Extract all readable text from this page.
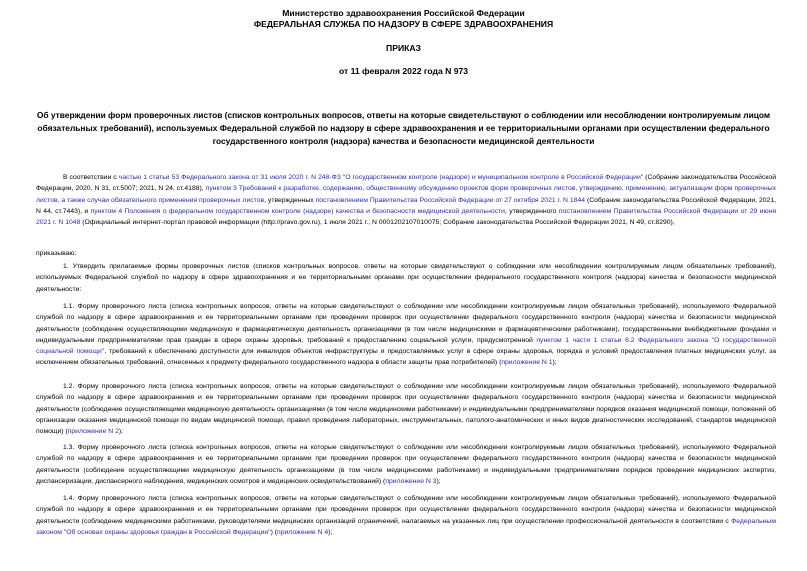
Министерство здравоохранения Российской Федерации
ФЕДЕРАЛЬНАЯ СЛУЖБА ПО НАДЗОРУ В СФЕРЕ ЗДРАВООХРАНЕНИЯ
ПРИКАЗ
от 11 февраля 2022 года N 973
Об утверждении форм проверочных листов (списков контрольных вопросов, ответы на которые свидетельствуют о соблюдении или несоблюдении контролируемым лицом обязательных требований), используемых Федеральной службой по надзору в сфере здравоохранения и ее территориальными органами при осуществлении федерального государственного контроля (надзора) качества и безопасности медицинской деятельности

В соответствии с частью 1 статьи 53 Федерального закона от 31 июля 2020 г. N 248-ФЗ "О государственном контроле (надзоре) и муниципальном контроле в Российской Федерации" (Собрание законодательства Российской Федерации, 2020, N 31, ст.5007; 2021, N 24, ст.4188), пунктом 3 Требований к разработке, содержанию, общественному обсуждению проектов форм проверочных листов, утверждению, применению, актуализации форм проверочных листов, а также случаи обязательного применения проверочных листов, утвержденных постановлением Правительства Российской Федерации от 27 октября 2021 г. N 1844 (Собрание законодательства Российской Федерации, 2021, N 44, ст.7443), и пунктом 4 Положения о федеральном государственном контроле (надзоре) качества и безопасности медицинской деятельности, утвержденного постановлением Правительства Российской Федерации от 29 июня 2021 г. N 1048 (Официальный интернет-портал правовой информации (http://pravo.gov.ru), 1 июля 2021 г., N 0001202107010075; Собрание законодательства Российской Федерации 2021, N 49, ст.8290),

приказываю:

1. Утвердить прилагаемые формы проверочных листов (списков контрольных вопросов, ответы на которые свидетельствуют о соблюдении или несоблюдении контролируемым лицом обязательных требований), используемых Федеральной службой по надзору в сфере здравоохранения и ее территориальными органами при осуществлении федерального государственного контроля (надзора) качества и безопасности медицинской деятельности:

1.1. Форму проверочного листа (списка контрольных вопросов, ответы на которые свидетельствуют о соблюдении или несоблюдении контролируемым лицом обязательных требований), используемого Федеральной службой по надзору в сфере здравоохранения и ее территориальными органами при проведении проверок при осуществлении федерального государственного контроля (надзора) качества и безопасности медицинской деятельности (соблюдение осуществляющими медицинскую и фармацевтическую деятельность организациями (в том числе медицинскими и фармацевтическими работниками), государственными внебюджетными фондами и индивидуальными предпринимателями прав граждан в сфере охраны здоровья, требований к предоставлению социальной услуги, предусмотренной пунктом 1 части 1 статьи 6.2 Федерального закона "О государственной социальной помощи", требований к обеспечению доступности для инвалидов объектов инфраструктуры и предоставляемых услуг в сфере охраны здоровья, порядка и условий предоставления платных медицинских услуг, за исключением обязательных требований, отнесенных к предмету федерального государственного надзора в области защиты прав потребителей) (приложение N 1);

1.2. Форму проверочного листа (списка контрольных вопросов, ответы на которые свидетельствуют о соблюдении или несоблюдении контролируемым лицом обязательных требований), используемого Федеральной службой по надзору в сфере здравоохранения и ее территориальными органами при проведении проверок при осуществлении федерального государственного контроля (надзора) качества и безопасности медицинской деятельности (соблюдение осуществляющими медицинскую деятельность организациями (в том числе медицинскими работниками) и индивидуальными предпринимателями порядков оказания медицинской помощи, положений об организации оказания медицинской помощи по видам медицинской помощи, правил проведения лабораторных, инструментальных, патолого-анатомических и иных видов диагностических исследований, стандартов медицинской помощи) (приложение N 2);

1.3. Форму проверочного листа (списка контрольных вопросов, ответы на которые свидетельствуют о соблюдении или несоблюдении контролируемым лицом обязательных требований), используемого Федеральной службой по надзору в сфере здравоохранения и ее территориальными органами при проведении проверок при осуществлении федерального государственного контроля (надзора) качества и безопасности медицинской деятельности (соблюдение осуществляющими медицинскую деятельность организациями (в том числе медицинскими работниками) и индивидуальными предпринимателями порядков проведения медицинских экспертиз, диспансеризации, диспансерного наблюдения, медицинских осмотров и медицинских освидетельствований) (приложение N 3);

1.4. Форму проверочного листа (списка контрольных вопросов, ответы на которые свидетельствуют о соблюдении или несоблюдении контролируемым лицом обязательных требований), используемого Федеральной службой по надзору в сфере здравоохранения и ее территориальными органами при проведении проверок при осуществлении федерального государственного контроля (надзора) качества и безопасности медицинской деятельности (соблюдение медицинскими работниками, руководителями медицинских организаций ограничений, налагаемых на указанных лиц при осуществлении профессиональной деятельности в соответствии с Федеральным законом "Об основах охраны здоровья граждан в Российской Федерации") (приложение N 4);
